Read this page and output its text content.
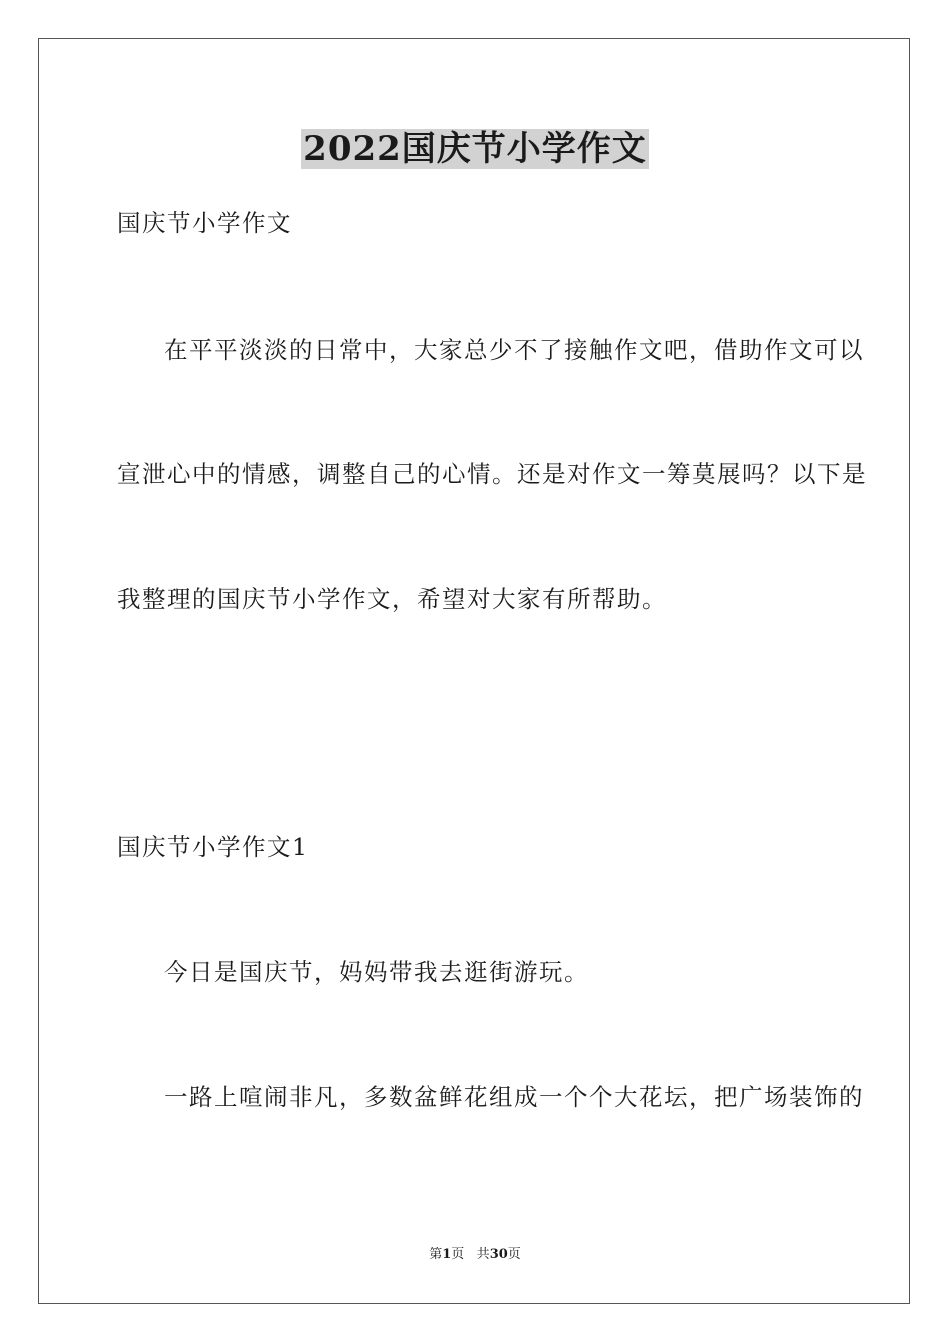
2022国庆节小学作文
国庆节小学作文
在平平淡淡的日常中，大家总少不了接触作文吧，借助作文可以
宣泄心中的情感，调整自己的心情。还是对作文一筹莫展吗？以下是
我整理的国庆节小学作文，希望对大家有所帮助。
国庆节小学作文1
今日是国庆节，妈妈带我去逛街游玩。
一路上喧闹非凡，多数盆鲜花组成一个个大花坛，把广场装饰的
第1页 共30页
